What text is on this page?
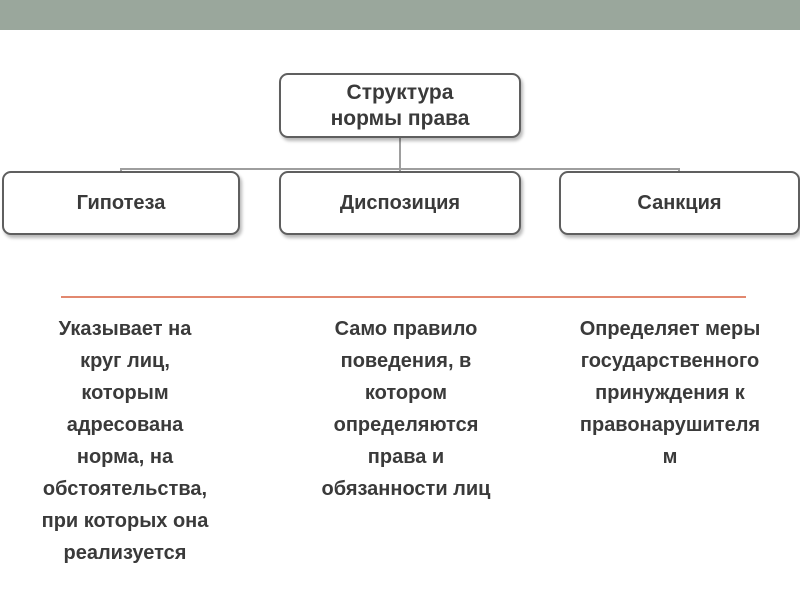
Структура
нормы права
Гипотеза	Диспозиция	Санкция
Указывает на
круг лиц,
которым
адресована
норма, на
обстоятельства,
при которых она
реализуется
Само правило
поведения, в
котором
определяются
права и
обязанности лиц
Определяет меры
государственного
принуждения к
правонарушителя
м
